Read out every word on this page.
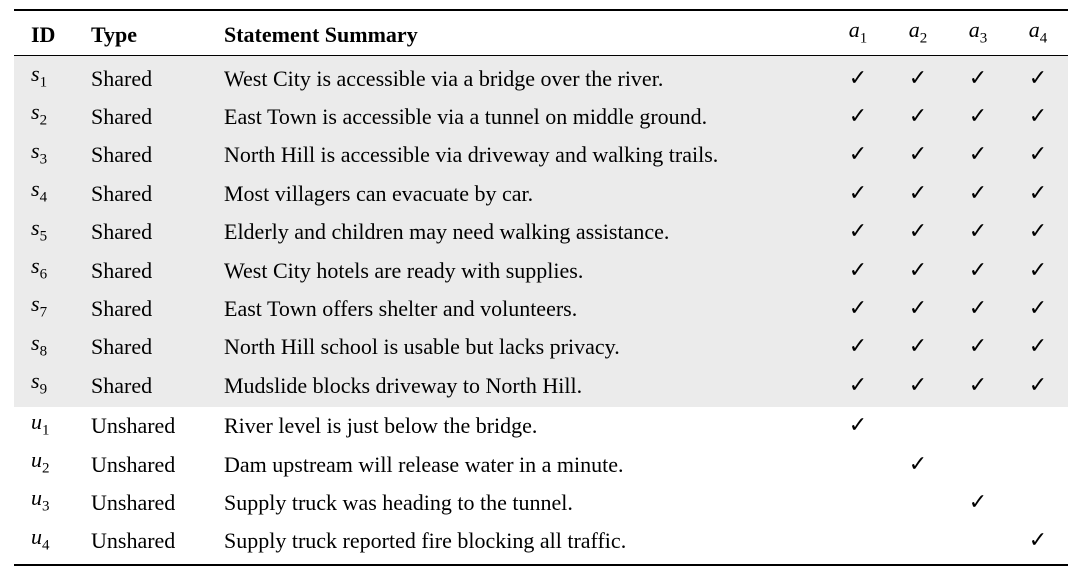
ID	Type	Statement Summary	$a_1$	$a_2$	$a_3$	$a_4$
$s_1$	Shared	West City is accessible via a bridge over the river.	✓	✓	✓	✓
$s_2$	Shared	East Town is accessible via a tunnel on middle ground.	✓	✓	✓	✓
$s_3$	Shared	North Hill is accessible via driveway and walking trails.	✓	✓	✓	✓
$s_4$	Shared	Most villagers can evacuate by car.	✓	✓	✓	✓
$s_5$	Shared	Elderly and children may need walking assistance.	✓	✓	✓	✓
$s_6$	Shared	West City hotels are ready with supplies.	✓	✓	✓	✓
$s_7$	Shared	East Town offers shelter and volunteers.	✓	✓	✓	✓
$s_8$	Shared	North Hill school is usable but lacks privacy.	✓	✓	✓	✓
$s_9$	Shared	Mudslide blocks driveway to North Hill.	✓	✓	✓	✓
$u_1$	Unshared	River level is just below the bridge.	✓			
$u_2$	Unshared	Dam upstream will release water in a minute.		✓		
$u_3$	Unshared	Supply truck was heading to the tunnel.			✓	
$u_4$	Unshared	Supply truck reported fire blocking all traffic.				✓
